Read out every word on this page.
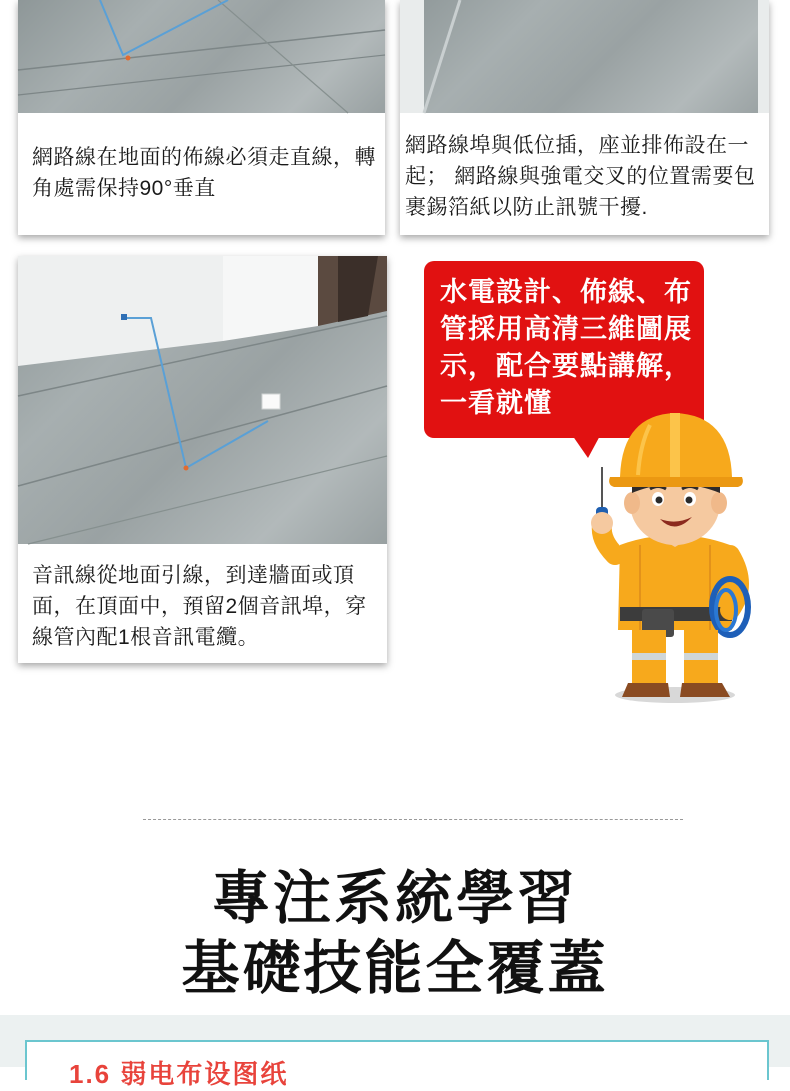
網路線在地面的佈線必須走直線，轉角處需保持90°垂直
網路線埠與低位插，座並排佈設在一起； 網路線與強電交叉的位置需要包裹錫箔紙以防止訊號干擾.
音訊線從地面引線，到達牆面或頂面，在頂面中，預留2個音訊埠，穿線管內配1根音訊電纜。
水電設計、佈線、布管採用高清三維圖展示，配合要點講解，一看就懂
專注系統學習
基礎技能全覆蓋
1.6 弱电布设图纸
